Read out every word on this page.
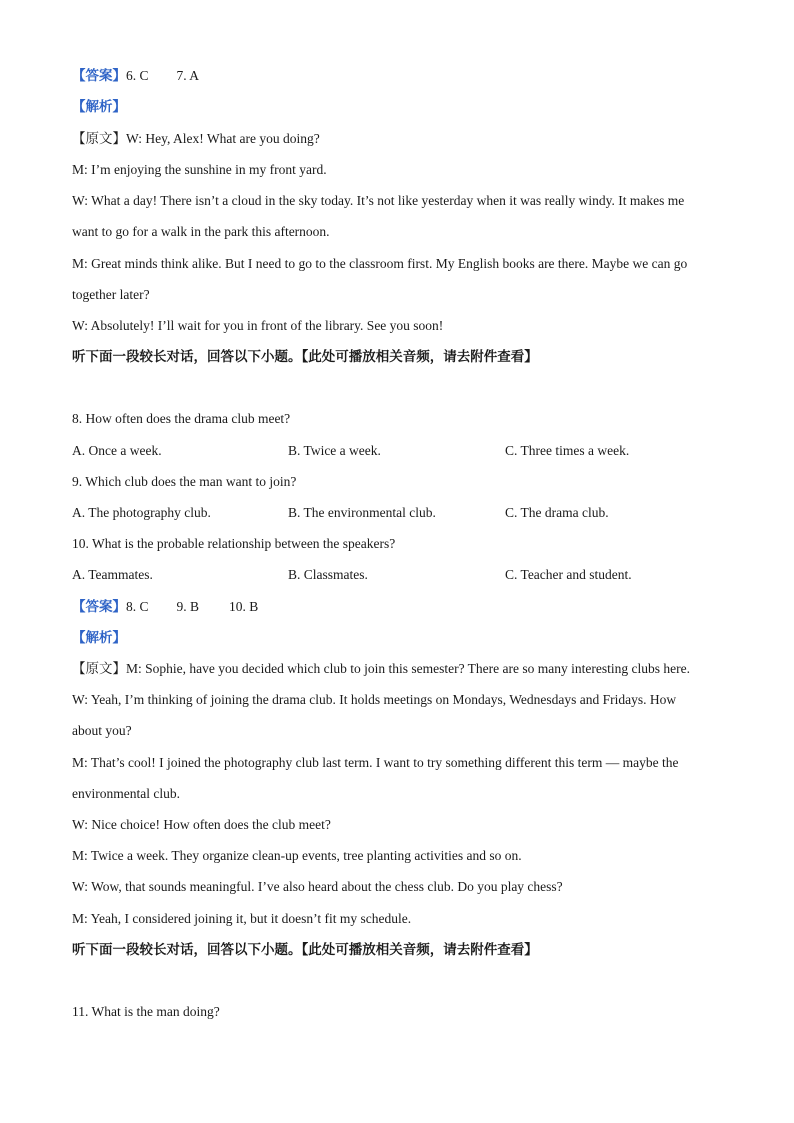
【答案】6. C 7. A
【解析】
【原文】W: Hey, Alex! What are you doing?
M: I’m enjoying the sunshine in my front yard.
W: What a day! There isn’t a cloud in the sky today. It’s not like yesterday when it was really windy. It makes me
want to go for a walk in the park this afternoon.
M: Great minds think alike. But I need to go to the classroom first. My English books are there. Maybe we can go
together later?
W: Absolutely! I’ll wait for you in front of the library. See you soon!
听下面一段较长对话，回答以下小题。【此处可播放相关音频，请去附件查看】
8. How often does the drama club meet?
A. Once a week.	B. Twice a week.	C. Three times a week.
9. Which club does the man want to join?
A. The photography club.	B. The environmental club.	C. The drama club.
10. What is the probable relationship between the speakers?
A. Teammates.	B. Classmates.	C. Teacher and student.
【答案】8. C 9. B 10. B
【解析】
【原文】M: Sophie, have you decided which club to join this semester? There are so many interesting clubs here.
W: Yeah, I’m thinking of joining the drama club. It holds meetings on Mondays, Wednesdays and Fridays. How
about you?
M: That’s cool! I joined the photography club last term. I want to try something different this term — maybe the
environmental club.
W: Nice choice! How often does the club meet?
M: Twice a week. They organize clean-up events, tree planting activities and so on.
W: Wow, that sounds meaningful. I’ve also heard about the chess club. Do you play chess?
M: Yeah, I considered joining it, but it doesn’t fit my schedule.
听下面一段较长对话，回答以下小题。【此处可播放相关音频，请去附件查看】
11. What is the man doing?
